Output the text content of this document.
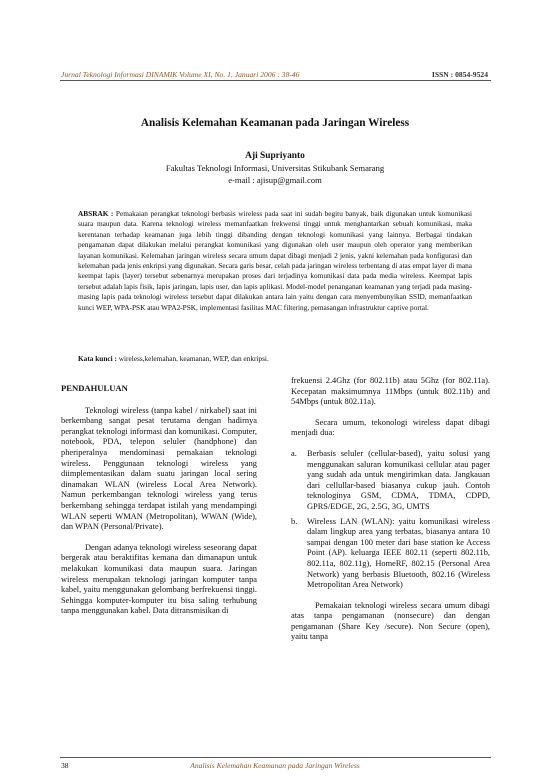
Jurnal Teknologi Informasi DINAMIK Volume XI, No. 1, Januari 2006 : 38-46	ISSN : 0854-9524
Analisis Kelemahan Keamanan pada Jaringan Wireless
Aji Supriyanto
Fakultas Teknologi Informasi, Universitas Stikubank Semarang
e-mail : ajisup@gmail.com
ABSRAK : Pemakaian perangkat teknologi berbasis wireless pada saat ini sudah begitu banyak, baik digunakan untuk komunikasi suara maupun data. Karena teknologi wireless memanfaatkan frekwensi tinggi untuk menghantarkan sebuah komunikasi, maka kerentanan terhadap keamanan juga lebih tinggi dibanding dengan teknologi komunikasi yang lainnya. Berbagai tindakan pengamanan dapat dilakukan melalui perangkat komunikasi yang digunakan oleh user maupun oleh operator yang memberikan layanan komunikasi. Kelemahan jaringan wireless secara umum dapat dibagi menjadi 2 jenis, yakni kelemahan pada konfigurasi dan kelemahan pada jenis enkripsi yang digunakan. Secara garis besar, celah pada jaringan wireless terbentang di atas empat layer di mana keempat lapis (layer) tersebut sebenarnya merupakan proses dari terjadinya komunikasi data pada media wireless. Keempat lapis tersebut adalah lapis fisik, lapis jaringan, lapis user, dan lapis aplikasi. Model-model penanganan keamanan yang terjadi pada masing-masing lapis pada teknologi wireless tersebut dapat dilakukan antara lain yaitu dengan cara menyembunyikan SSID, memanfaatkan kunci WEP, WPA-PSK atau WPA2-PSK, implementasi fasilitas MAC filtering, pemasangan infrastruktur captive portal.
Kata kunci : wireless,kelemahan, keamanan, WEP, dan enkripsi.
PENDAHULUAN

Teknologi wireless (tanpa kabel / nirkabel) saat ini berkembang sangat pesat terutama dengan hadirnya perangkat teknologi informasi dan komunikasi. Computer, notebook, PDA, telepon seluler (handphone) dan pheriperalnya mendominasi pemakaian teknologi wireless. Penggunaan teknologi wireless yang diimplementasikan dalam suatu jaringan local sering dinamakan WLAN (wireless Local Area Network). Namun perkembangan teknologi wireless yang terus berkembang sehingga terdapat istilah yang mendampingi WLAN seperti WMAN (Metropolitan), WWAN (Wide), dan WPAN (Personal/Private).

Dengan adanya teknologi wireless seseorang dapat bergerak atau beraktifitas kemana dan dimanapun untuk melakukan komunikasi data maupun suara. Jaringan wireless merupakan teknologi jaringan komputer tanpa kabel, yaitu menggunakan gelombang berfrekuensi tinggi. Sehingga komputer-komputer itu bisa saling terhubung tanpa menggunakan kabel. Data ditransmisikan di

frekuensi 2.4Ghz (for 802.11b) atau 5Ghz (for 802.11a). Kecepatan maksimumnya 11Mbps (untuk 802.11b) and 54Mbps (untuk 802.11a).

Secara umum, tekonologi wireless dapat dibagi menjadi dua:

a.	Berbasis seluler (cellular-based), yaitu solusi yang menggunakan saluran komunikasi cellular atau pager yang sudah ada untuk mengirimkan data. Jangkauan dari cellullar-based biasanya cukup jauh. Contoh teknologinya GSM, CDMA, TDMA, CDPD, GPRS/EDGE, 2G, 2.5G, 3G, UMTS
b.	Wireless LAN (WLAN): yaitu komunikasi wireless dalam lingkup area yang terbatas, biasanya antara 10 sampai dengan 100 meter dari base station ke Access Point (AP). keluarga IEEE 802.11 (seperti 802.11b, 802.11a, 802.11g), HomeRF, 802.15 (Personal Area Network) yang berbasis Bluetooth, 802.16 (Wireless Metropolitan Area Network)

Pemakaian teknologi wireless secara umum dibagi atas tanpa pengamanan (nonsecure) dan dengan pengamanan (Share Key /secure). Non Secure (open), yaitu tanpa

38	Analisis Kelemahan Keamanan pada Jaringan Wireless
